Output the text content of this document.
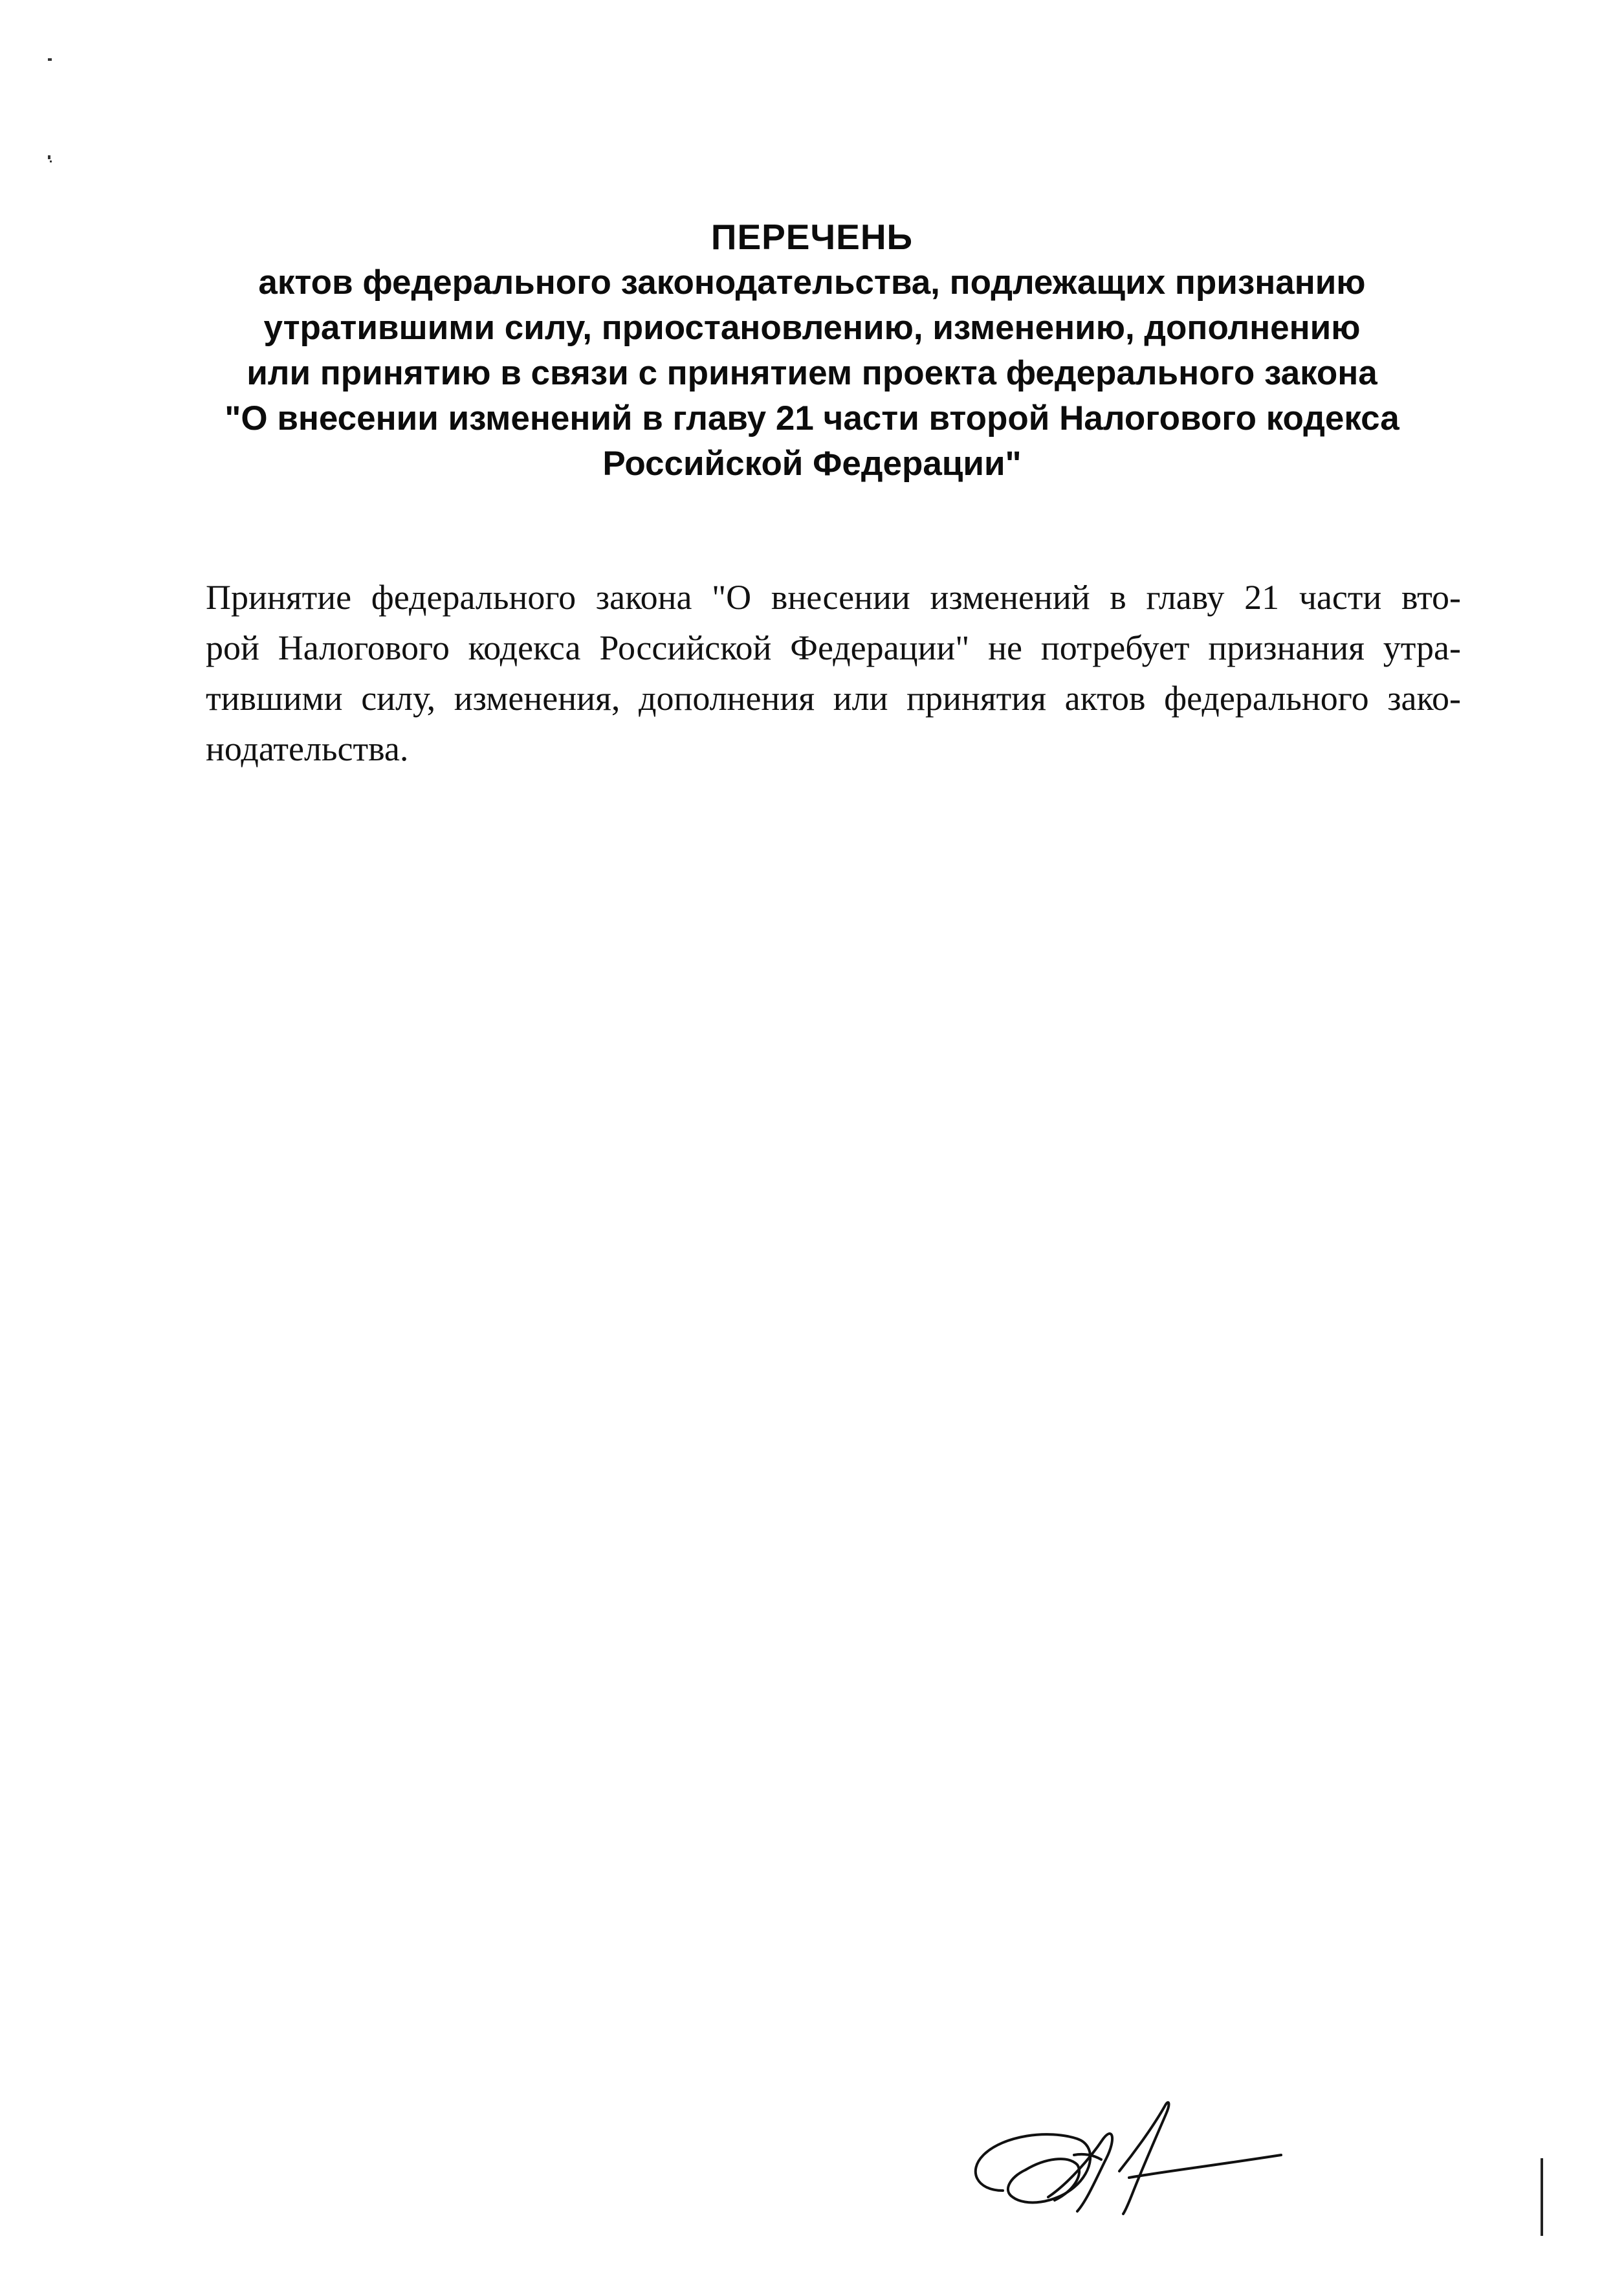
ПЕРЕЧЕНЬ

актов федерального законодательства, подлежащих признанию
утратившими силу, приостановлению, изменению, дополнению
или принятию в связи с принятием проекта федерального закона
"О внесении изменений в главу 21 части второй Налогового кодекса
Российской Федерации"

Принятие федерального закона "О внесении изменений в главу 21 части вто-
рой Налогового кодекса Российской Федерации" не потребует признания утра-
тившими силу, изменения, дополнения или принятия актов федерального зако-
нодательства.
